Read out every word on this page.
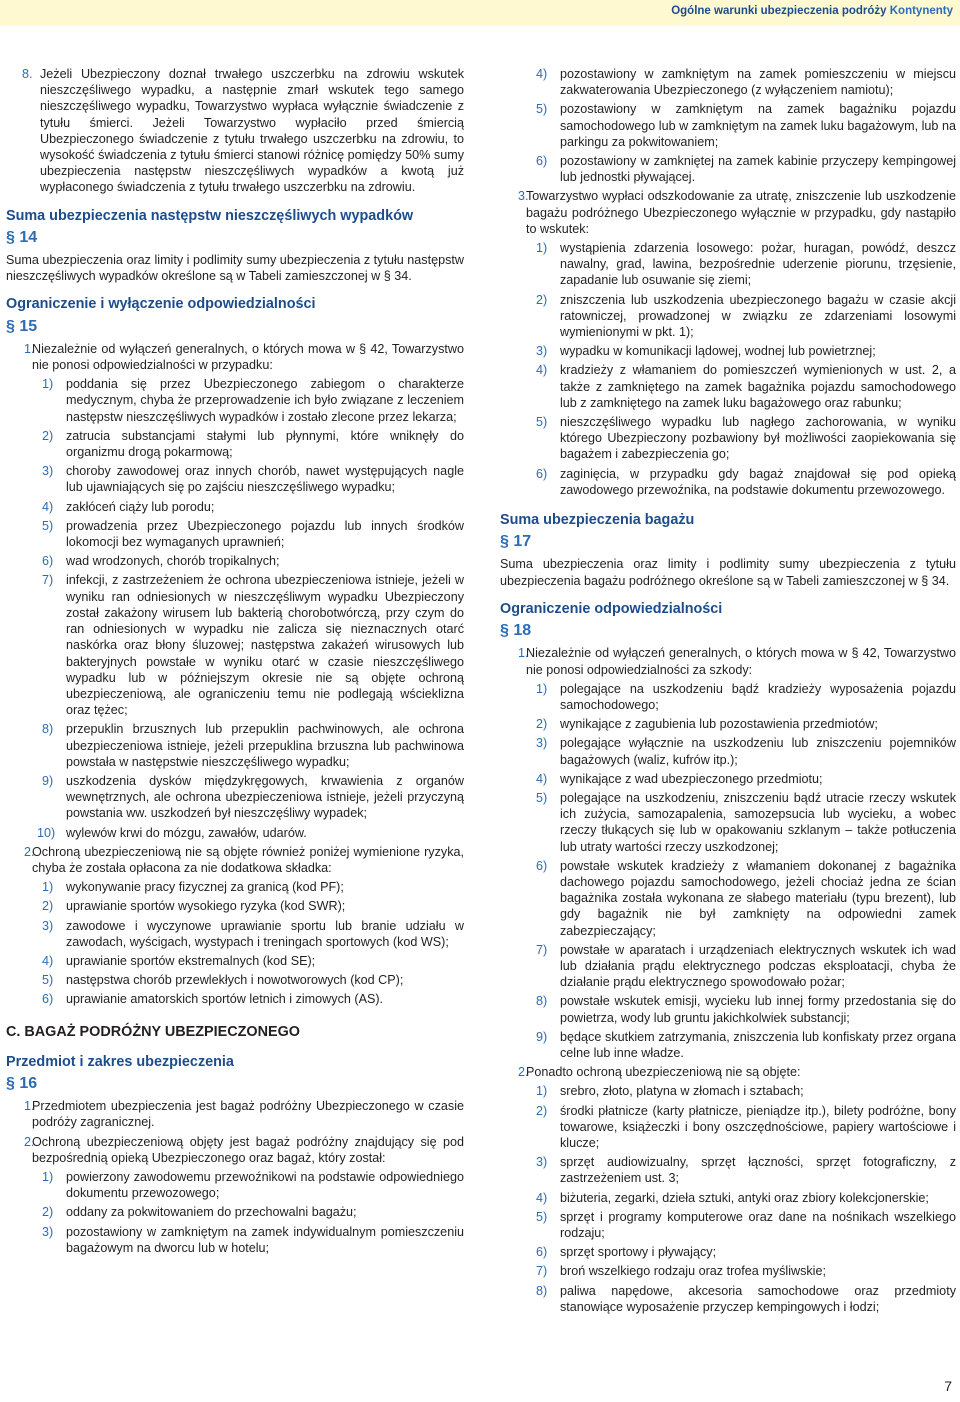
Ogólne warunki ubezpieczenia podróży Kontynenty
8. Jeżeli Ubezpieczony doznał trwałego uszczerbku na zdrowiu wskutek nieszczęśliwego wypadku, a następnie zmarł wskutek tego samego nieszczęśliwego wypadku, Towarzystwo wypłaca wyłącznie świadczenie z tytułu śmierci. Jeżeli Towarzystwo wypłaciło przed śmiercią Ubezpieczonego świadczenie z tytułu trwałego uszczerbku na zdrowiu, to wysokość świadczenia z tytułu śmierci stanowi różnicę pomiędzy 50% sumy ubezpieczenia następstw nieszczęśliwych wypadków a kwotą już wypłaconego świadczenia z tytułu trwałego uszczerbku na zdrowiu.
Suma ubezpieczenia następstw nieszczęśliwych wypadków
§ 14
Suma ubezpieczenia oraz limity i podlimity sumy ubezpieczenia z tytułu następstw nieszczęśliwych wypadków określone są w Tabeli zamieszczonej w § 34.
Ograniczenie i wyłączenie odpowiedzialności
§ 15
1.
Niezależnie od wyłączeń generalnych, o których mowa w § 42, Towarzystwo nie ponosi odpowiedzialności w przypadku:
1) poddania się przez Ubezpieczonego zabiegom o charakterze medycznym, chyba że przeprowadzenie ich było związane z leczeniem następstw nieszczęśliwych wypadków i zostało zlecone przez lekarza;
2) zatrucia substancjami stałymi lub płynnymi, które wniknęły do organizmu drogą pokarmową;
3) choroby zawodowej oraz innych chorób, nawet występujących nagle lub ujawniających się po zajściu nieszczęśliwego wypadku;
4) zakłóceń ciąży lub porodu;
5) prowadzenia przez Ubezpieczonego pojazdu lub innych środków lokomocji bez wymaganych uprawnień;
6) wad wrodzonych, chorób tropikalnych;
7) infekcji, z zastrzeżeniem że ochrona ubezpieczeniowa istnieje, jeżeli w wyniku ran odniesionych w nieszczęśliwym wypadku Ubezpieczony został zakażony wirusem lub bakterią chorobotwórczą, przy czym do ran odniesionych w wypadku nie zalicza się nieznacznych otarć naskórka oraz błony śluzowej; następstwa zakażeń wirusowych lub bakteryjnych powstałe w wyniku otarć w czasie nieszczęśliwego wypadku lub w późniejszym okresie nie są objęte ochroną ubezpieczeniową, ale ograniczeniu temu nie podlegają wścieklizna oraz tężec;
8) przepuklin brzusznych lub przepuklin pachwinowych, ale ochrona ubezpieczeniowa istnieje, jeżeli przepuklina brzuszna lub pachwinowa powstała w następstwie nieszczęśliwego wypadku;
9) uszkodzenia dysków międzykręgowych, krwawienia z organów wewnętrznych, ale ochrona ubezpieczeniowa istnieje, jeżeli przyczyną powstania ww. uszkodzeń był nieszczęśliwy wypadek;
10) wylewów krwi do mózgu, zawałów, udarów.
2.
Ochroną ubezpieczeniową nie są objęte również poniżej wymienione ryzyka, chyba że została opłacona za nie dodatkowa składka:
1) wykonywanie pracy fizycznej za granicą (kod PF);
2) uprawianie sportów wysokiego ryzyka (kod SWR);
3) zawodowe i wyczynowe uprawianie sportu lub branie udziału w zawodach, wyścigach, wystypach i treningach sportowych (kod WS);
4) uprawianie sportów ekstremalnych (kod SE);
5) następstwa chorób przewlekłych i nowotworowych (kod CP);
6) uprawianie amatorskich sportów letnich i zimowych (AS).
C. BAGAŻ PODRÓŻNY UBEZPIECZONEGO
Przedmiot i zakres ubezpieczenia
§ 16
1.
Przedmiotem ubezpieczenia jest bagaż podróżny Ubezpieczonego w czasie podróży zagranicznej.
2.
Ochroną ubezpieczeniową objęty jest bagaż podróżny znajdujący się pod bezpośrednią opieką Ubezpieczonego oraz bagaż, który został:
1) powierzony zawodowemu przewoźnikowi na podstawie odpowiedniego dokumentu przewozowego;
2) oddany za pokwitowaniem do przechowalni bagażu;
3) pozostawiony w zamkniętym na zamek indywidualnym pomieszczeniu bagażowym na dworcu lub w hotelu;
4) pozostawiony w zamkniętym na zamek pomieszczeniu w miejscu zakwaterowania Ubezpieczonego (z wyłączeniem namiotu);
5) pozostawiony w zamkniętym na zamek bagażniku pojazdu samochodowego lub w zamkniętym na zamek luku bagażowym, lub na parkingu za pokwitowaniem;
6) pozostawiony w zamkniętej na zamek kabinie przyczepy kempingowej lub jednostki pływającej.
3.
Towarzystwo wypłaci odszkodowanie za utratę, zniszczenie lub uszkodzenie bagażu podróżnego Ubezpieczonego wyłącznie w przypadku, gdy nastąpiło to wskutek:
1) wystąpienia zdarzenia losowego: pożar, huragan, powódź, deszcz nawalny, grad, lawina, bezpośrednie uderzenie piorunu, trzęsienie, zapadanie lub osuwanie się ziemi;
2) zniszczenia lub uszkodzenia ubezpieczonego bagażu w czasie akcji ratowniczej, prowadzonej w związku ze zdarzeniami losowymi wymienionymi w pkt. 1);
3) wypadku w komunikacji lądowej, wodnej lub powietrznej;
4) kradzieży z włamaniem do pomieszczeń wymienionych w ust. 2, a także z zamkniętego na zamek bagażnika pojazdu samochodowego lub z zamkniętego na zamek luku bagażowego oraz rabunku;
5) nieszczęśliwego wypadku lub nagłego zachorowania, w wyniku którego Ubezpieczony pozbawiony był możliwości zaopiekowania się bagażem i zabezpieczenia go;
6) zaginięcia, w przypadku gdy bagaż znajdował się pod opieką zawodowego przewoźnika, na podstawie dokumentu przewozowego.
Suma ubezpieczenia bagażu
§ 17
Suma ubezpieczenia oraz limity i podlimity sumy ubezpieczenia z tytułu ubezpieczenia bagażu podróżnego określone są w Tabeli zamieszczonej w § 34.
Ograniczenie odpowiedzialności
§ 18
1.
Niezależnie od wyłączeń generalnych, o których mowa w § 42, Towarzystwo nie ponosi odpowiedzialności za szkody:
1) polegające na uszkodzeniu bądź kradzieży wyposażenia pojazdu samochodowego;
2) wynikające z zagubienia lub pozostawienia przedmiotów;
3) polegające wyłącznie na uszkodzeniu lub zniszczeniu pojemników bagażowych (waliz, kufrów itp.);
4) wynikające z wad ubezpieczonego przedmiotu;
5) polegające na uszkodzeniu, zniszczeniu bądź utracie rzeczy wskutek ich zużycia, samozapalenia, samozepsucia lub wycieku, a wobec rzeczy tłukących się lub w opakowaniu szklanym – także potłuczenia lub utraty wartości rzeczy uszkodzonej;
6) powstałe wskutek kradzieży z włamaniem dokonanej z bagażnika dachowego pojazdu samochodowego, jeżeli chociaż jedna ze ścian bagażnika została wykonana ze słabego materiału (typu brezent), lub gdy bagażnik nie był zamknięty na odpowiedni zamek zabezpieczający;
7) powstałe w aparatach i urządzeniach elektrycznych wskutek ich wad lub działania prądu elektrycznego podczas eksploatacji, chyba że działanie prądu elektrycznego spowodowało pożar;
8) powstałe wskutek emisji, wycieku lub innej formy przedostania się do powietrza, wody lub gruntu jakichkolwiek substancji;
9) będące skutkiem zatrzymania, zniszczenia lub konfiskaty przez organa celne lub inne władze.
2.
Ponadto ochroną ubezpieczeniową nie są objęte:
1) srebro, złoto, platyna w złomach i sztabach;
2) środki płatnicze (karty płatnicze, pieniądze itp.), bilety podróżne, bony towarowe, książeczki i bony oszczędnościowe, papiery wartościowe i klucze;
3) sprzęt audiowizualny, sprzęt łączności, sprzęt fotograficzny, z zastrzeżeniem ust. 3;
4) biżuteria, zegarki, dzieła sztuki, antyki oraz zbiory kolekcjonerskie;
5) sprzęt i programy komputerowe oraz dane na nośnikach wszelkiego rodzaju;
6) sprzęt sportowy i pływający;
7) broń wszelkiego rodzaju oraz trofea myśliwskie;
8) paliwa napędowe, akcesoria samochodowe oraz przedmioty stanowiące wyposażenie przyczep kempingowych i łodzi;
7
